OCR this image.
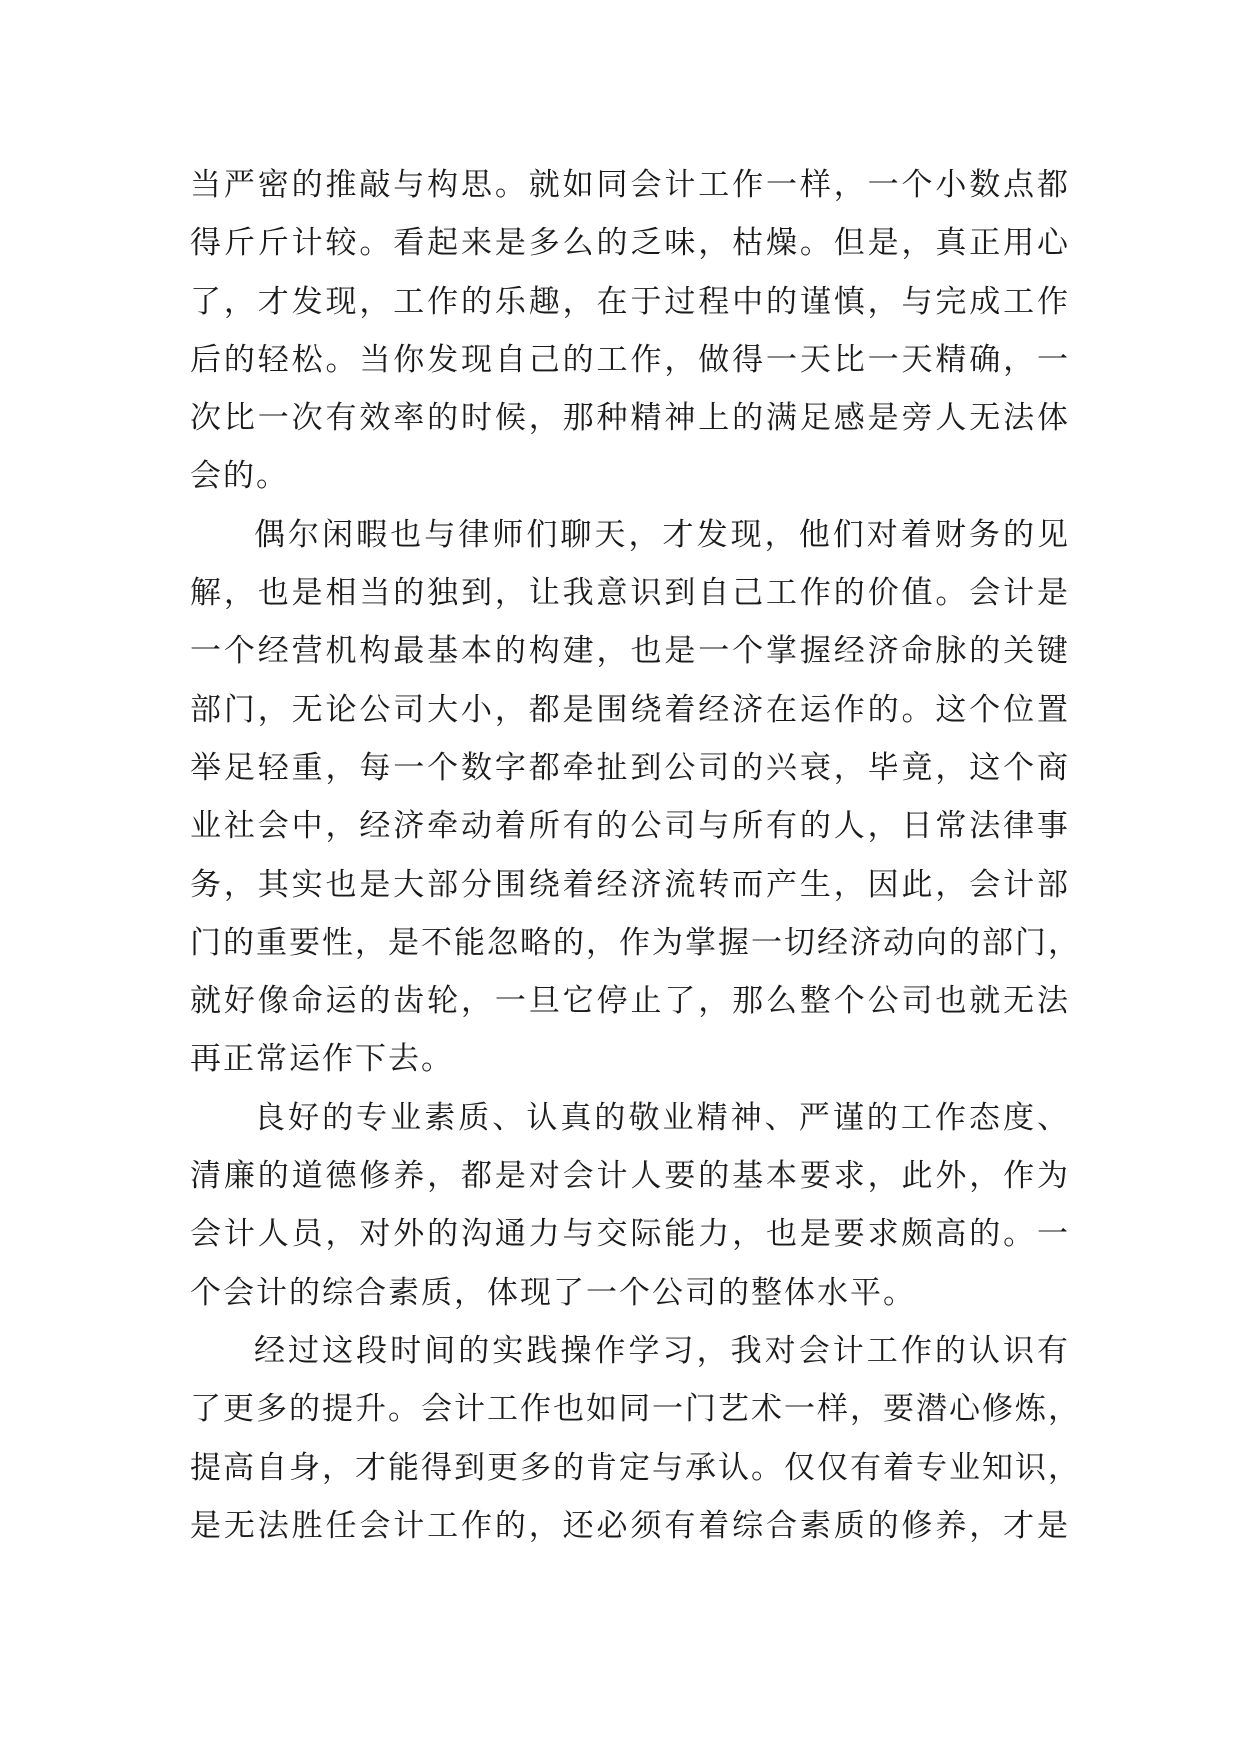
当严密的推敲与构思。就如同会计工作一样，一个小数点都
得斤斤计较。看起来是多么的乏味，枯燥。但是，真正用心
了，才发现，工作的乐趣，在于过程中的谨慎，与完成工作
后的轻松。当你发现自己的工作，做得一天比一天精确，一
次比一次有效率的时候，那种精神上的满足感是旁人无法体
会的。
偶尔闲暇也与律师们聊天，才发现，他们对着财务的见
解，也是相当的独到，让我意识到自己工作的价值。会计是
一个经营机构最基本的构建，也是一个掌握经济命脉的关键
部门，无论公司大小，都是围绕着经济在运作的。这个位置
举足轻重，每一个数字都牵扯到公司的兴衰，毕竟，这个商
业社会中，经济牵动着所有的公司与所有的人，日常法律事
务，其实也是大部分围绕着经济流转而产生，因此，会计部
门的重要性，是不能忽略的，作为掌握一切经济动向的部门，
就好像命运的齿轮，一旦它停止了，那么整个公司也就无法
再正常运作下去。
良好的专业素质、认真的敬业精神、严谨的工作态度、
清廉的道德修养，都是对会计人要的基本要求，此外，作为
会计人员，对外的沟通力与交际能力，也是要求颇高的。一
个会计的综合素质，体现了一个公司的整体水平。
经过这段时间的实践操作学习，我对会计工作的认识有
了更多的提升。会计工作也如同一门艺术一样，要潜心修炼，
提高自身，才能得到更多的肯定与承认。仅仅有着专业知识，
是无法胜任会计工作的，还必须有着综合素质的修养，才是
